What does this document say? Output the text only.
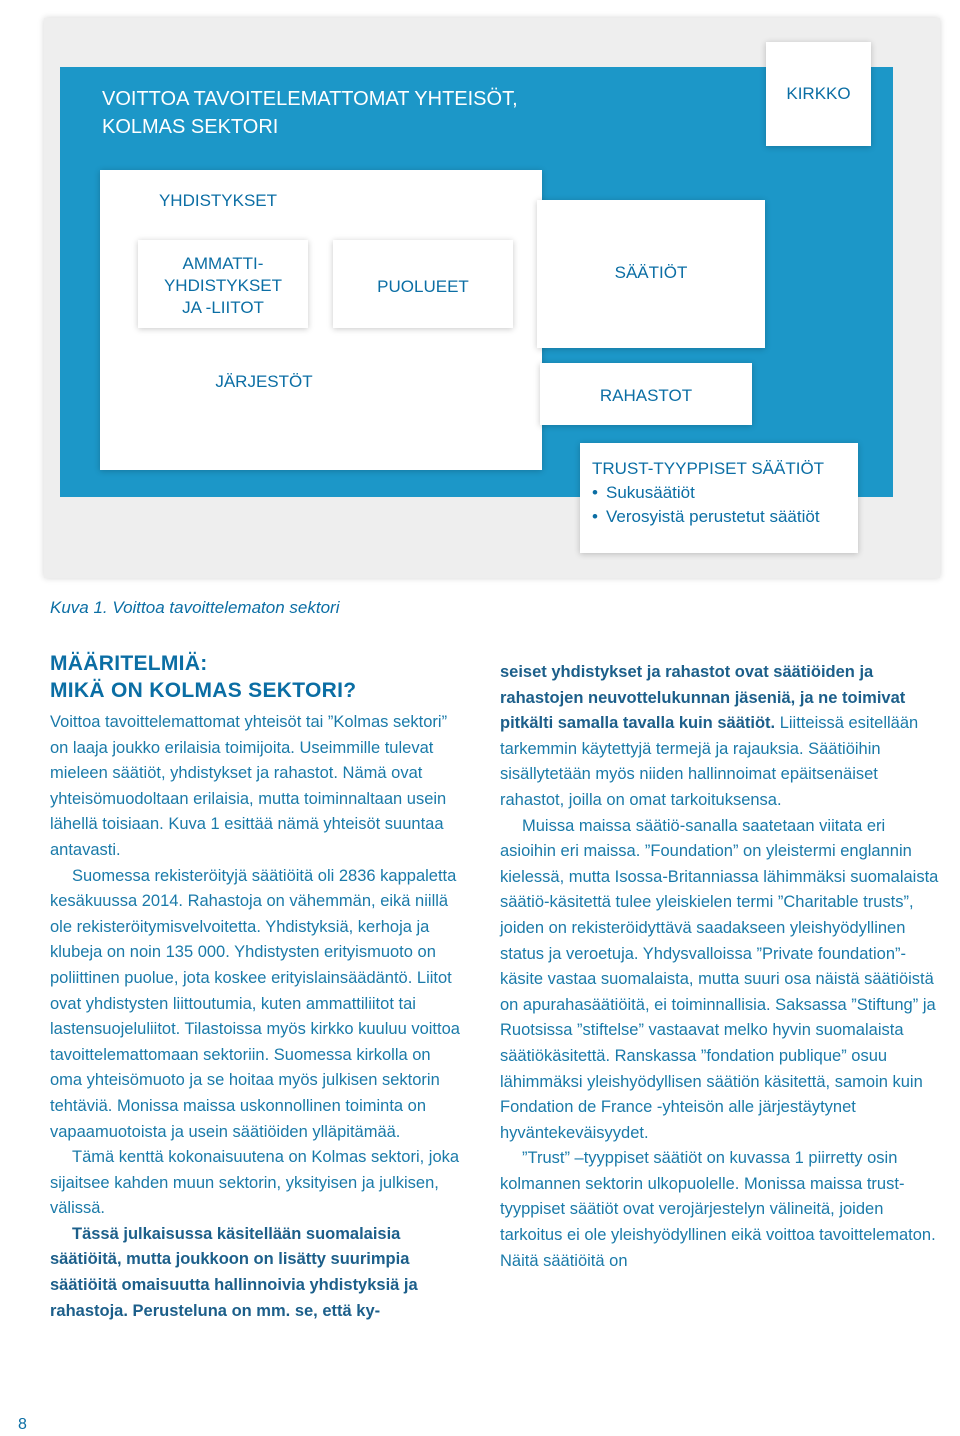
VOITTOA TAVOITELEMATTOMAT YHTEISÖT,
KOLMAS SEKTORI
KIRKKO
YHDISTYKSET
JÄRJESTÖT
AMMATTI-
YHDISTYKSET
JA -LIITOT
PUOLUEET
SÄÄTIÖT
RAHASTOT
TRUST-TYYPPISET SÄÄTIÖT
• Sukusäätiöt
• Verosyistä perustetut säätiöt
Kuva 1. Voittoa tavoittelematon sektori
MÄÄRITELMIÄ:
MIKÄ ON KOLMAS SEKTORI?

Voittoa tavoittelemattomat yhteisöt tai ”Kolmas sektori” on laaja joukko erilaisia toimijoita. Useimmille tulevat mieleen säätiöt, yhdistykset ja rahastot. Nämä ovat yhteisömuodoltaan erilaisia, mutta toiminnaltaan usein lähellä toisiaan. Kuva 1 esittää nämä yhteisöt suuntaa antavasti.

Suomessa rekisteröityjä säätiöitä oli 2836 kappaletta kesäkuussa 2014. Rahastoja on vähemmän, eikä niillä ole rekisteröitymisvelvoitetta. Yhdistyksiä, kerhoja ja klubeja on noin 135 000. Yhdistysten erityismuoto on poliittinen puolue, jota koskee erityislainsäädäntö. Liitot ovat yhdistysten liittoutumia, kuten ammattiliitot tai lastensuojeluliitot. Tilastoissa myös kirkko kuuluu voittoa tavoittelemattomaan sektoriin. Suomessa kirkolla on oma yhteisömuoto ja se hoitaa myös julkisen sektorin tehtäviä. Monissa maissa uskonnollinen toiminta on vapaamuotoista ja usein säätiöiden ylläpitämää.

Tämä kenttä kokonaisuutena on Kolmas sektori, joka sijaitsee kahden muun sektorin, yksityisen ja julkisen, välissä.

Tässä julkaisussa käsitellään suomalaisia säätiöitä, mutta joukkoon on lisätty suurimpia säätiöitä omaisuutta hallinnoivia yhdistyksiä ja rahastoja. Perusteluna on mm. se, että ky-

seiset yhdistykset ja rahastot ovat säätiöiden ja rahastojen neuvottelukunnan jäseniä, ja ne toimivat pitkälti samalla tavalla kuin säätiöt. Liitteissä esitellään tarkemmin käytettyjä termejä ja rajauksia. Säätiöihin sisällytetään myös niiden hallinnoimat epäitsenäiset rahastot, joilla on omat tarkoituksensa.

Muissa maissa säätiö-sanalla saatetaan viitata eri asioihin eri maissa. ”Foundation” on yleistermi englannin kielessä, mutta Isossa-Britanniassa lähimmäksi suomalaista säätiö-käsitettä tulee yleiskielen termi ”Charitable trusts”, joiden on rekisteröidyttävä saadakseen yleishyödyllinen status ja veroetuja. Yhdysvalloissa ”Private foundation”-käsite vastaa suomalaista, mutta suuri osa näistä säätiöistä on apurahasäätiöitä, ei toiminnallisia. Saksassa ”Stiftung” ja Ruotsissa ”stiftelse” vastaavat melko hyvin suomalaista säätiökäsitettä. Ranskassa ”fondation publique” osuu lähimmäksi yleishyödyllisen säätiön käsitettä, samoin kuin Fondation de France -yhteisön alle järjestäytynet hyväntekeväisyydet.

”Trust” –tyyppiset säätiöt on kuvassa 1 piirretty osin kolmannen sektorin ulkopuolelle. Monissa maissa trust-tyyppiset säätiöt ovat verojärjestelyn välineitä, joiden tarkoitus ei ole yleishyödyllinen eikä voittoa tavoittelematon. Näitä säätiöitä on

8
